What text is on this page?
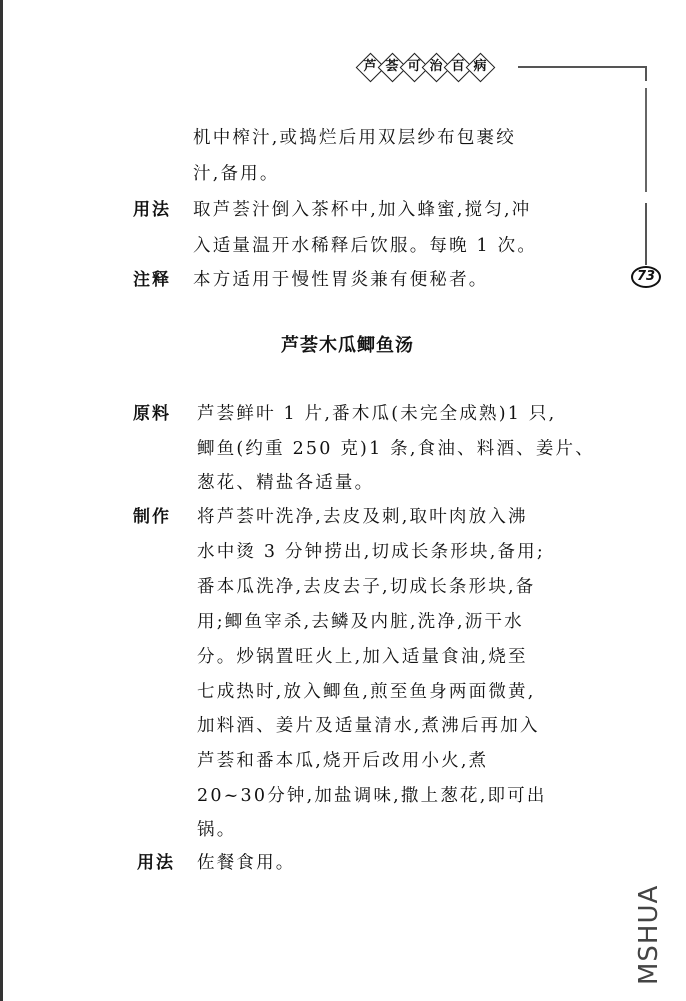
芦 荟 可 治 百 病
73
机中榨汁,或捣烂后用双层纱布包裹绞
汁,备用。
用法 取芦荟汁倒入茶杯中,加入蜂蜜,搅匀,冲
入适量温开水稀释后饮服。每晚 1 次。
注释 本方适用于慢性胃炎兼有便秘者。
芦荟木瓜鲫鱼汤
原料 芦荟鲜叶 1 片,番木瓜(未完全成熟)1 只,
鲫鱼(约重 250 克)1 条,食油、料酒、姜片、
葱花、精盐各适量。
制作 将芦荟叶洗净,去皮及刺,取叶肉放入沸
水中烫 3 分钟捞出,切成长条形块,备用;
番本瓜洗净,去皮去子,切成长条形块,备
用;鲫鱼宰杀,去鳞及内脏,洗净,沥干水
分。炒锅置旺火上,加入适量食油,烧至
七成热时,放入鲫鱼,煎至鱼身两面微黄,
加料酒、姜片及适量清水,煮沸后再加入
芦荟和番本瓜,烧开后改用小火,煮
20~30分钟,加盐调味,撒上葱花,即可出
锅。
用法 佐餐食用。
MSHUA
